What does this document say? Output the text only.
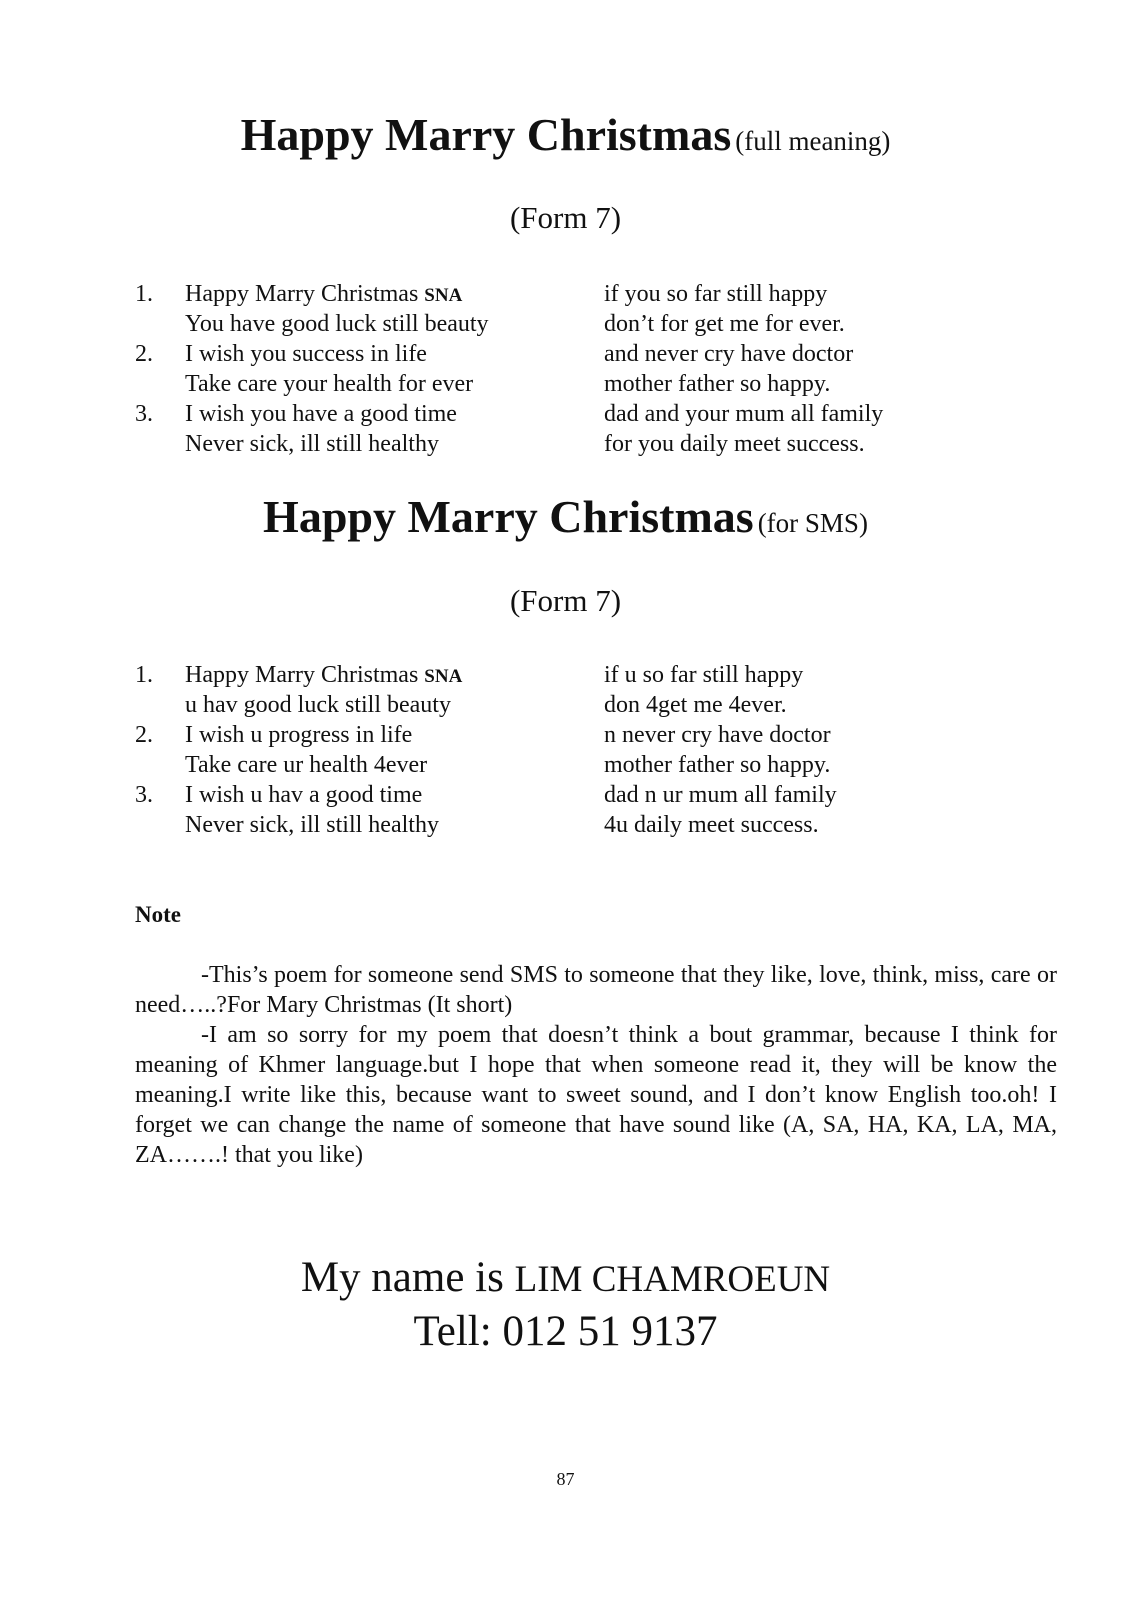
Happy Marry Christmas (full meaning)
(Form 7)
1.	Happy Marry Christmas SNA	if you so far still happy
You have good luck still beauty	don’t for get me for ever.
2.	I wish you success in life	and never cry have doctor
Take care your health for ever	mother father so happy.
3.	I wish you have a good time	dad and your mum all family
Never sick, ill still healthy	for you daily meet success.
Happy Marry Christmas (for SMS)
(Form 7)
1.	Happy Marry Christmas SNA	if u so far still happy
u hav good luck still beauty	don 4get me 4ever.
2.	I wish u progress in life	n never cry have doctor
Take care ur health 4ever	mother father so happy.
3.	I wish u hav a good time	dad n ur mum all family
Never sick, ill still healthy	4u daily meet success.
Note

-This’s poem for someone send SMS to someone that they like, love, think, miss, care or need…..?For Mary Christmas (It short)

-I am so sorry for my poem that doesn’t think a bout grammar, because I think for meaning of Khmer language.but I hope that when someone read it, they will be know the meaning.I write like this, because want to sweet sound, and I don’t know English too.oh! I forget we can change the name of someone that have sound like (A, SA, HA, KA, LA, MA, ZA…….! that you like)

My name is LIM CHAMROEUN
Tell: 012 51 9137
87
